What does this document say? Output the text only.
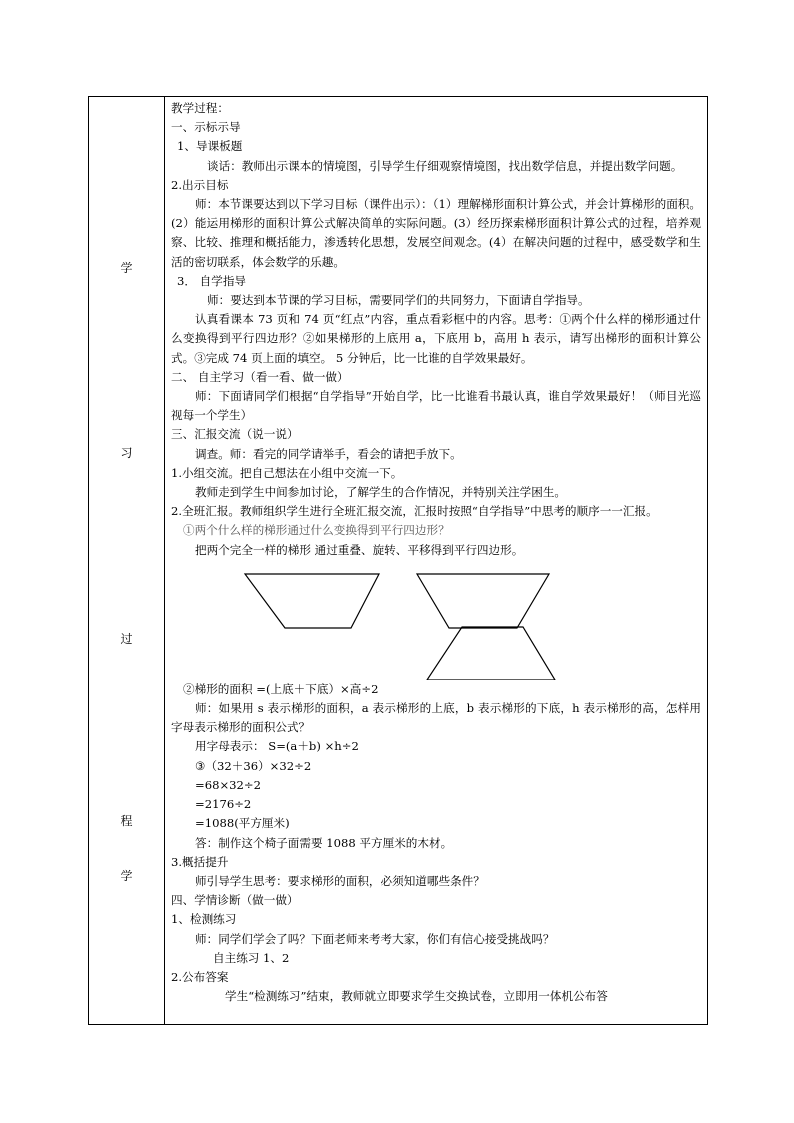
学
习
过
程
学
教学过程：
一、示标示导
1、导课板题
谈话：教师出示课本的情境图，引导学生仔细观察情境图，找出数学信息，并提出数学问题。
2.出示目标
师：本节课要达到以下学习目标（课件出示）：（1）理解梯形面积计算公式，并会计算梯形的面积。(2）能运用梯形的面积计算公式解决简单的实际问题。(3）经历探索梯形面积计算公式的过程，培养观察、比较、推理和概括能力，渗透转化思想，发展空间观念。(4）在解决问题的过程中，感受数学和生活的密切联系，体会数学的乐趣。
3． 自学指导
师：要达到本节课的学习目标，需要同学们的共同努力，下面请自学指导。
认真看课本 73 页和 74 页“红点”内容，重点看彩框中的内容。思考：①两个什么样的梯形通过什么变换得到平行四边形？②如果梯形的上底用 a，下底用 b，高用 h 表示，请写出梯形的面积计算公式。③完成 74 页上面的填空。 5 分钟后，比一比谁的自学效果最好。
二、 自主学习（看一看、做一做）
师：下面请同学们根据“自学指导”开始自学，比一比谁看书最认真，谁自学效果最好！（师目光巡视每一个学生）
三、汇报交流（说一说）
调查。师：看完的同学请举手，看会的请把手放下。
1.小组交流。把自己想法在小组中交流一下。
教师走到学生中间参加讨论，了解学生的合作情况，并特别关注学困生。
2.全班汇报。教师组织学生进行全班汇报交流，汇报时按照“自学指导”中思考的顺序一一汇报。
①两个什么样的梯形通过什么变换得到平行四边形？
把两个完全一样的梯形 通过重叠、旋转、平移得到平行四边形。
②梯形的面积 =(上底＋下底）×高÷2
师：如果用 s 表示梯形的面积，a 表示梯形的上底，b 表示梯形的下底，h 表示梯形的高，怎样用字母表示梯形的面积公式？
用字母表示： S=(a＋b) ×h÷2
③（32＋36）×32÷2
=68×32÷2
=2176÷2
=1088(平方厘米)
答：制作这个椅子面需要 1088 平方厘米的木材。
3.概括提升
师引导学生思考：要求梯形的面积，必须知道哪些条件？
四、学情诊断（做一做）
1、检测练习
师：同学们学会了吗？下面老师来考考大家，你们有信心接受挑战吗？
自主练习 1、2
2.公布答案
学生“检测练习”结束，教师就立即要求学生交换试卷，立即用一体机公布答
